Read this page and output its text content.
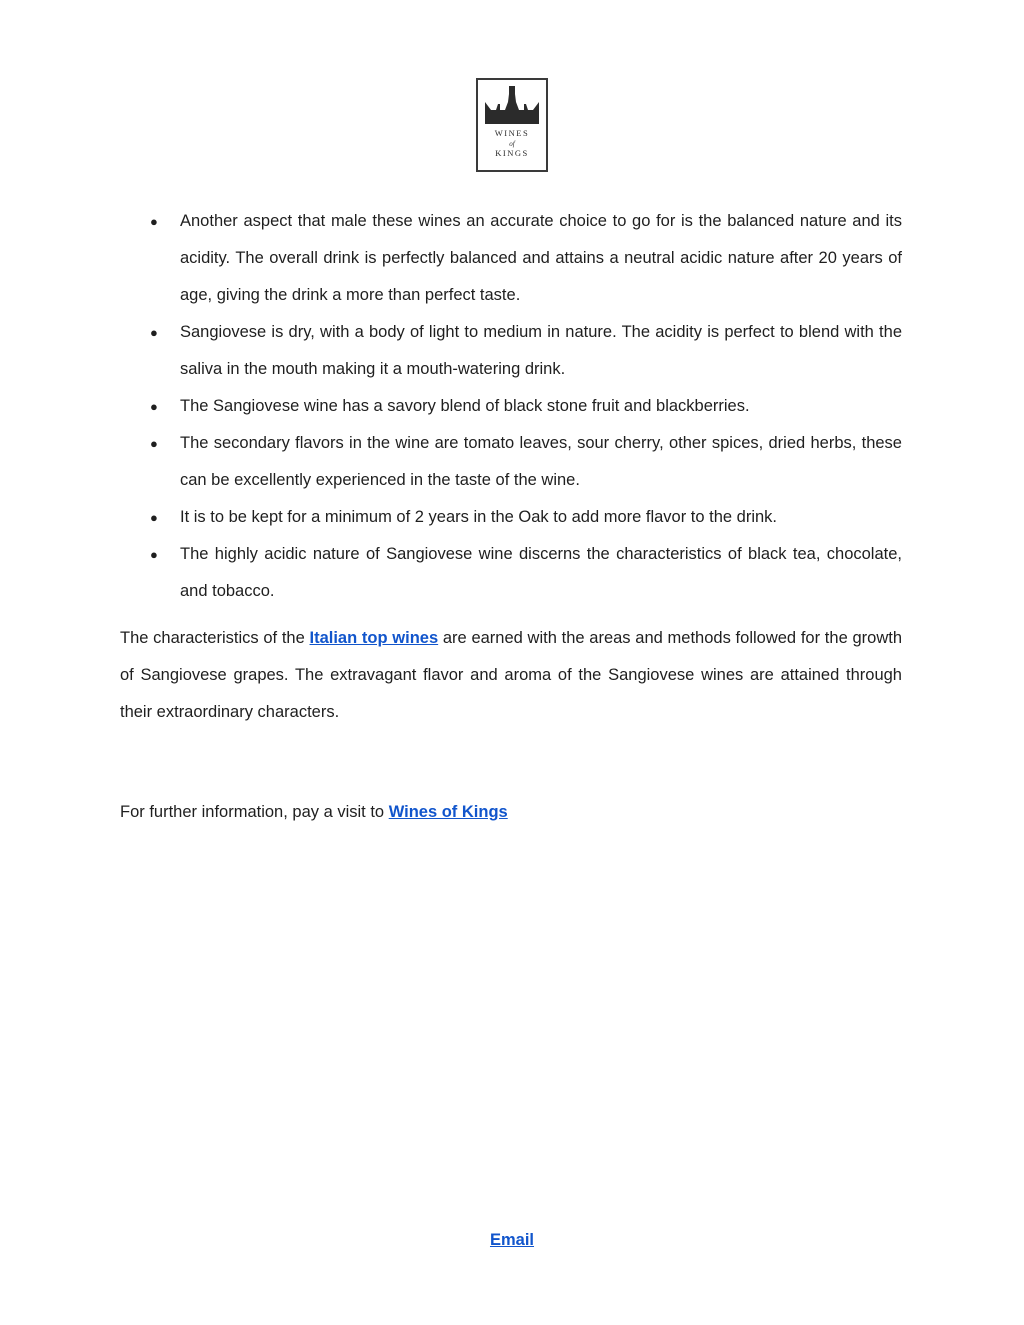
WINES
of
KINGS
● Another aspect that male these wines an accurate choice to go for is the balanced nature and its acidity. The overall drink is perfectly balanced and attains a neutral acidic nature after 20 years of age, giving the drink a more than perfect taste.
● Sangiovese is dry, with a body of light to medium in nature. The acidity is perfect to blend with the saliva in the mouth making it a mouth-watering drink.
● The Sangiovese wine has a savory blend of black stone fruit and blackberries.
● The secondary flavors in the wine are tomato leaves, sour cherry, other spices, dried herbs, these can be excellently experienced in the taste of the wine.
● It is to be kept for a minimum of 2 years in the Oak to add more flavor to the drink.
● The highly acidic nature of Sangiovese wine discerns the characteristics of black tea, chocolate, and tobacco.

The characteristics of the Italian top wines are earned with the areas and methods followed for the growth of Sangiovese grapes. The extravagant flavor and aroma of the Sangiovese wines are attained through their extraordinary characters.

For further information, pay a visit to Wines of Kings

Email
